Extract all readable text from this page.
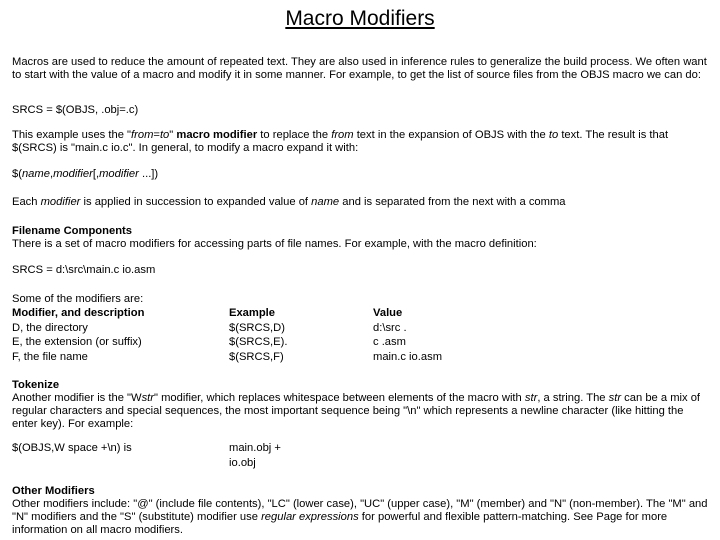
Macro Modifiers
Macros are used to reduce the amount of repeated text. They are also used in inference rules to generalize the build process. We often want to start with the value of a macro and modify it in some manner. For example, to get the list of source files from the OBJS macro we can do:
SRCS = $(OBJS, .obj=.c)
This example uses the "from=to" macro modifier to replace the from text in the expansion of OBJS with the to text. The result is that $(SRCS) is "main.c io.c". In general, to modify a macro expand it with:
$(name,modifier[,modifier ...])
Each modifier is applied in succession to expanded value of name and is separated from the next with a comma
Filename Components
There is a set of macro modifiers for accessing parts of file names. For example, with the macro definition:
SRCS = d:\src\main.c io.asm
Some of the modifiers are:
Modifier, and description
D, the directory
E, the extension (or suffix)
F, the file name
Example
$(SRCS,D)
$(SRCS,E).
$(SRCS,F)
Value
d:\src .
c .asm
main.c io.asm
Tokenize
Another modifier is the "Wstr" modifier, which replaces whitespace between elements of the macro with str, a string. The str can be a mix of regular characters and special sequences, the most important sequence being "\n" which represents a newline character (like hitting the enter key). For example:
$(OBJS,W space +\n) is	main.obj +
io.obj
Other Modifiers
Other modifiers include: "@" (include file contents), "LC" (lower case), "UC" (upper case), "M" (member) and "N" (non-member). The "M" and "N" modifiers and the "S" (substitute) modifier use regular expressions for powerful and flexible pattern-matching. See Page for more information on all macro modifiers.
